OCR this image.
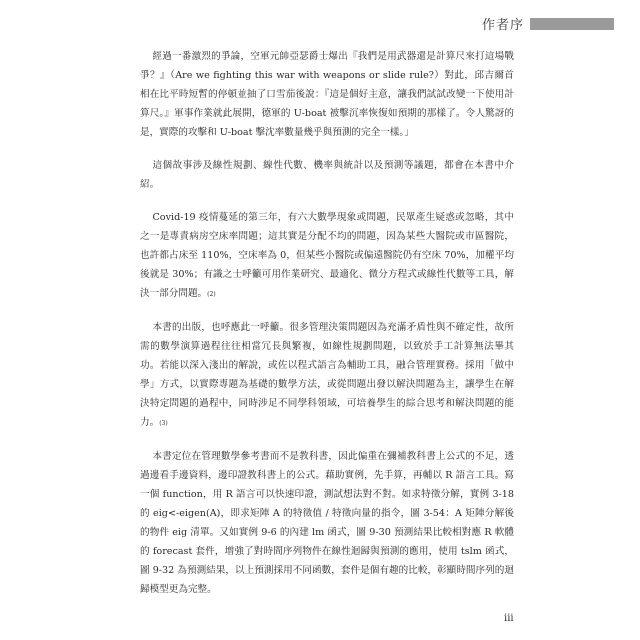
作者序

經過一番激烈的爭論，空軍元帥亞瑟爵士爆出『我們是用武器還是計算尺來打這場戰爭？』（Are we fighting this war with weapons or slide rule?）對此，邱吉爾首相在比平時短暫的停頓並抽了口雪茄後說：『這是個好主意，讓我們試試改變一下使用計算尺。』軍事作業就此展開，德軍的 U-boat 被擊沉率恢復如預期的那樣了。令人驚訝的是，實際的攻擊和 U-boat 擊沈率數量幾乎與預測的完全一樣。」

這個故事涉及線性規劃、線性代數、機率與統計以及預測等議題，都會在本書中介紹。

Covid-19 疫情蔓延的第三年，有六大數學現象或問題，民眾產生疑惑或忽略，其中之一是專責病房空床率問題；這其實是分配不均的問題，因為某些大醫院或市區醫院，也許都占床至 110%，空床率為 0，但某些小醫院或偏遠醫院仍有空床 70%，加權平均後就是 30%；有識之士呼籲可用作業研究、最適化、微分方程式或線性代數等工具，解決一部分問題。(2)

本書的出版，也呼應此一呼籲。很多管理決策問題因為充滿矛盾性與不確定性，故所需的數學演算過程往往相當冗長與繁複，如線性規劃問題，以致於手工計算無法畢其功。若能以深入淺出的解說，或佐以程式語言為輔助工具，融合管理實務。採用「做中學」方式，以實際專題為基礎的數學方法，或從問題出發以解決問題為主，讓學生在解決特定問題的過程中，同時涉足不同學科領域，可培養學生的綜合思考和解決問題的能力。(3)

本書定位在管理數學參考書而不是教科書，因此偏重在彌補教科書上公式的不足，透過邊看手邊資料，邊印證教科書上的公式。藉助實例，先手算，再輔以 R 語言工具。寫一個 function，用 R 語言可以快速印證，測試想法對不對。如求特徵分解，實例 3-18 的 eig<-eigen(A)，即求矩陣 A 的特徵值 / 特徵向量的指令，圖 3-54：A 矩陣分解後的物件 eig 清單。又如實例 9-6 的內建 lm 函式，圖 9-30 預測結果比較相對應 R 軟體的 forecast 套件，增強了對時間序列物件在線性迴歸與預測的應用，使用 tslm 函式，圖 9-32 為預測結果，以上預測採用不同函數，套件是個有趣的比較，彰顯時間序列的迴歸模型更為完整。

iii
